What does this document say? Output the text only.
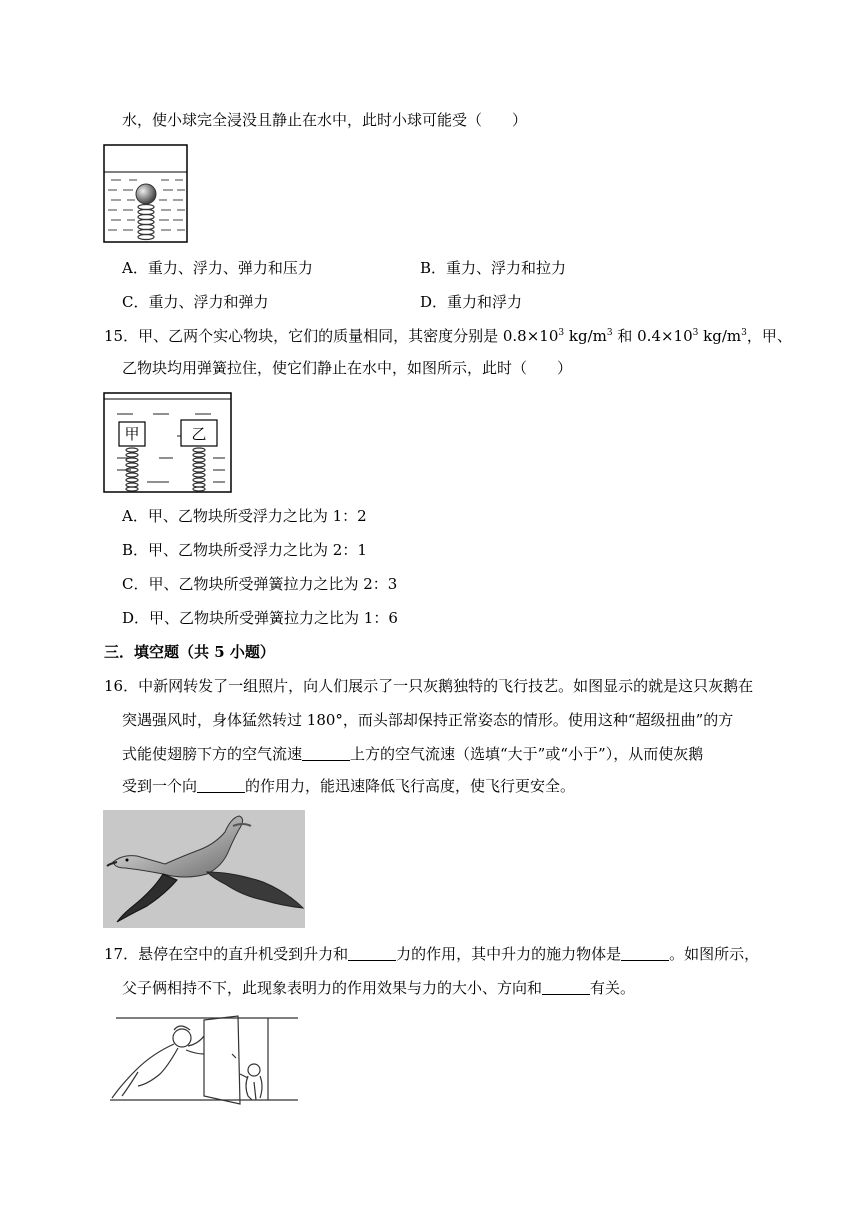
水，使小球完全浸没且静止在水中，此时小球可能受（　　）
A．重力、浮力、弹力和压力	B．重力、浮力和拉力
C．重力、浮力和弹力	D．重力和浮力
15．甲、乙两个实心物块，它们的质量相同，其密度分别是 $0.8\times 10^3$ $kg/m^3$ 和 $0.4\times 10^3$ $kg/m^3$，甲、
乙物块均用弹簧拉住，使它们静止在水中，如图所示，此时（　　）
甲	乙
A．甲、乙物块所受浮力之比为 1：2
B．甲、乙物块所受浮力之比为 2：1
C．甲、乙物块所受弹簧拉力之比为 2：3
D．甲、乙物块所受弹簧拉力之比为 1：6
三．填空题（共 5 小题）
16．中新网转发了一组照片，向人们展示了一只灰鹅独特的飞行技艺。如图显示的就是这只灰鹅在
突遇强风时，身体猛然转过 180°，而头部却保持正常姿态的情形。使用这种“超级扭曲”的方
式能使翅膀下方的空气流速	上方的空气流速（选填“大于”或“小于”），从而使灰鹅
受到一个向	的作用力，能迅速降低飞行高度，使飞行更安全。
17．悬停在空中的直升机受到升力和	力的作用，其中升力的施力物体是	。如图所示，
父子俩相持不下，此现象表明力的作用效果与力的大小、方向和	有关。
